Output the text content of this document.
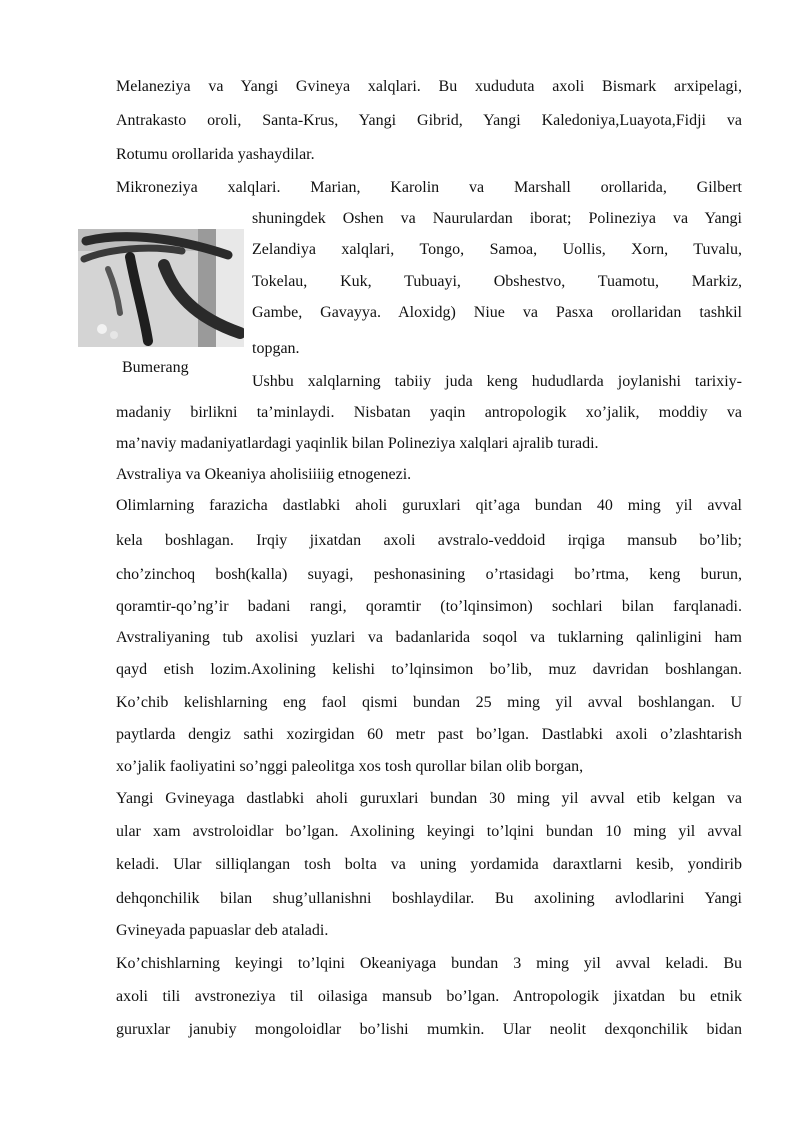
Melaneziya va Yangi Gvineya xalqlari. Bu xududuta axoli Bismark arxipelagi,
Antrakasto oroli, Santa-Krus, Yangi Gibrid, Yangi Kaledoniya,Luayota,Fidji va
Rotumu orollarida yashaydilar.
Mikroneziya xalqlari. Marian, Karolin va Marshall orollarida, Gilbert
shuningdek Oshen va Naurulardan iborat; Polineziya va Yangi
Zelandiya xalqlari, Tongo, Samoa, Uollis, Xorn, Tuvalu,
Tokelau, Kuk, Tubuayi, Obshestvo, Tuamotu, Markiz,
Gambe, Gavayya. Aloxidg) Niue va Pasxa orollaridan tashkil
topgan.
Bumerang
Ushbu xalqlarning tabiiy juda keng hududlarda joylanishi tarixiy-
madaniy birlikni ta’minlaydi. Nisbatan yaqin antropologik xo’jalik, moddiy va
ma’naviy madaniyatlardagi yaqinlik bilan Polineziya xalqlari ajralib turadi.
Avstraliya va Okeaniya aholisiiiig etnogenezi.
Olimlarning farazicha dastlabki aholi guruxlari qit’aga bundan 40 ming yil avval
kela boshlagan. Irqiy jixatdan axoli avstralo-veddoid irqiga mansub bo’lib;
cho’zinchoq bosh(kalla) suyagi, peshonasining o’rtasidagi bo’rtma, keng burun,
qoramtir-qo’ng’ir badani rangi, qoramtir (to’lqinsimon) sochlari bilan farqlanadi.
Avstraliyaning tub axolisi yuzlari va badanlarida soqol va tuklarning qalinligini ham
qayd etish lozim.Axolining kelishi to’lqinsimon bo’lib, muz davridan boshlangan.
Ko’chib kelishlarning eng faol qismi bundan 25 ming yil avval boshlangan. U
paytlarda dengiz sathi xozirgidan 60 metr past bo’lgan. Dastlabki axoli o’zlashtarish
xo’jalik faoliyatini so’nggi paleolitga xos tosh qurollar bilan olib borgan,
Yangi Gvineyaga dastlabki aholi guruxlari bundan 30 ming yil avval etib kelgan va
ular xam avstroloidlar bo’lgan. Axolining keyingi to’lqini bundan 10 ming yil avval
keladi. Ular silliqlangan tosh bolta va uning yordamida daraxtlarni kesib, yondirib
dehqonchilik bilan shug’ullanishni boshlaydilar. Bu axolining avlodlarini Yangi
Gvineyada papuaslar deb ataladi.
Ko’chishlarning keyingi to’lqini Okeaniyaga bundan 3 ming yil avval keladi. Bu
axoli tili avstroneziya til oilasiga mansub bo’lgan. Antropologik jixatdan bu etnik
guruxlar janubiy mongoloidlar bo’lishi mumkin. Ular neolit dexqonchilik bidan
